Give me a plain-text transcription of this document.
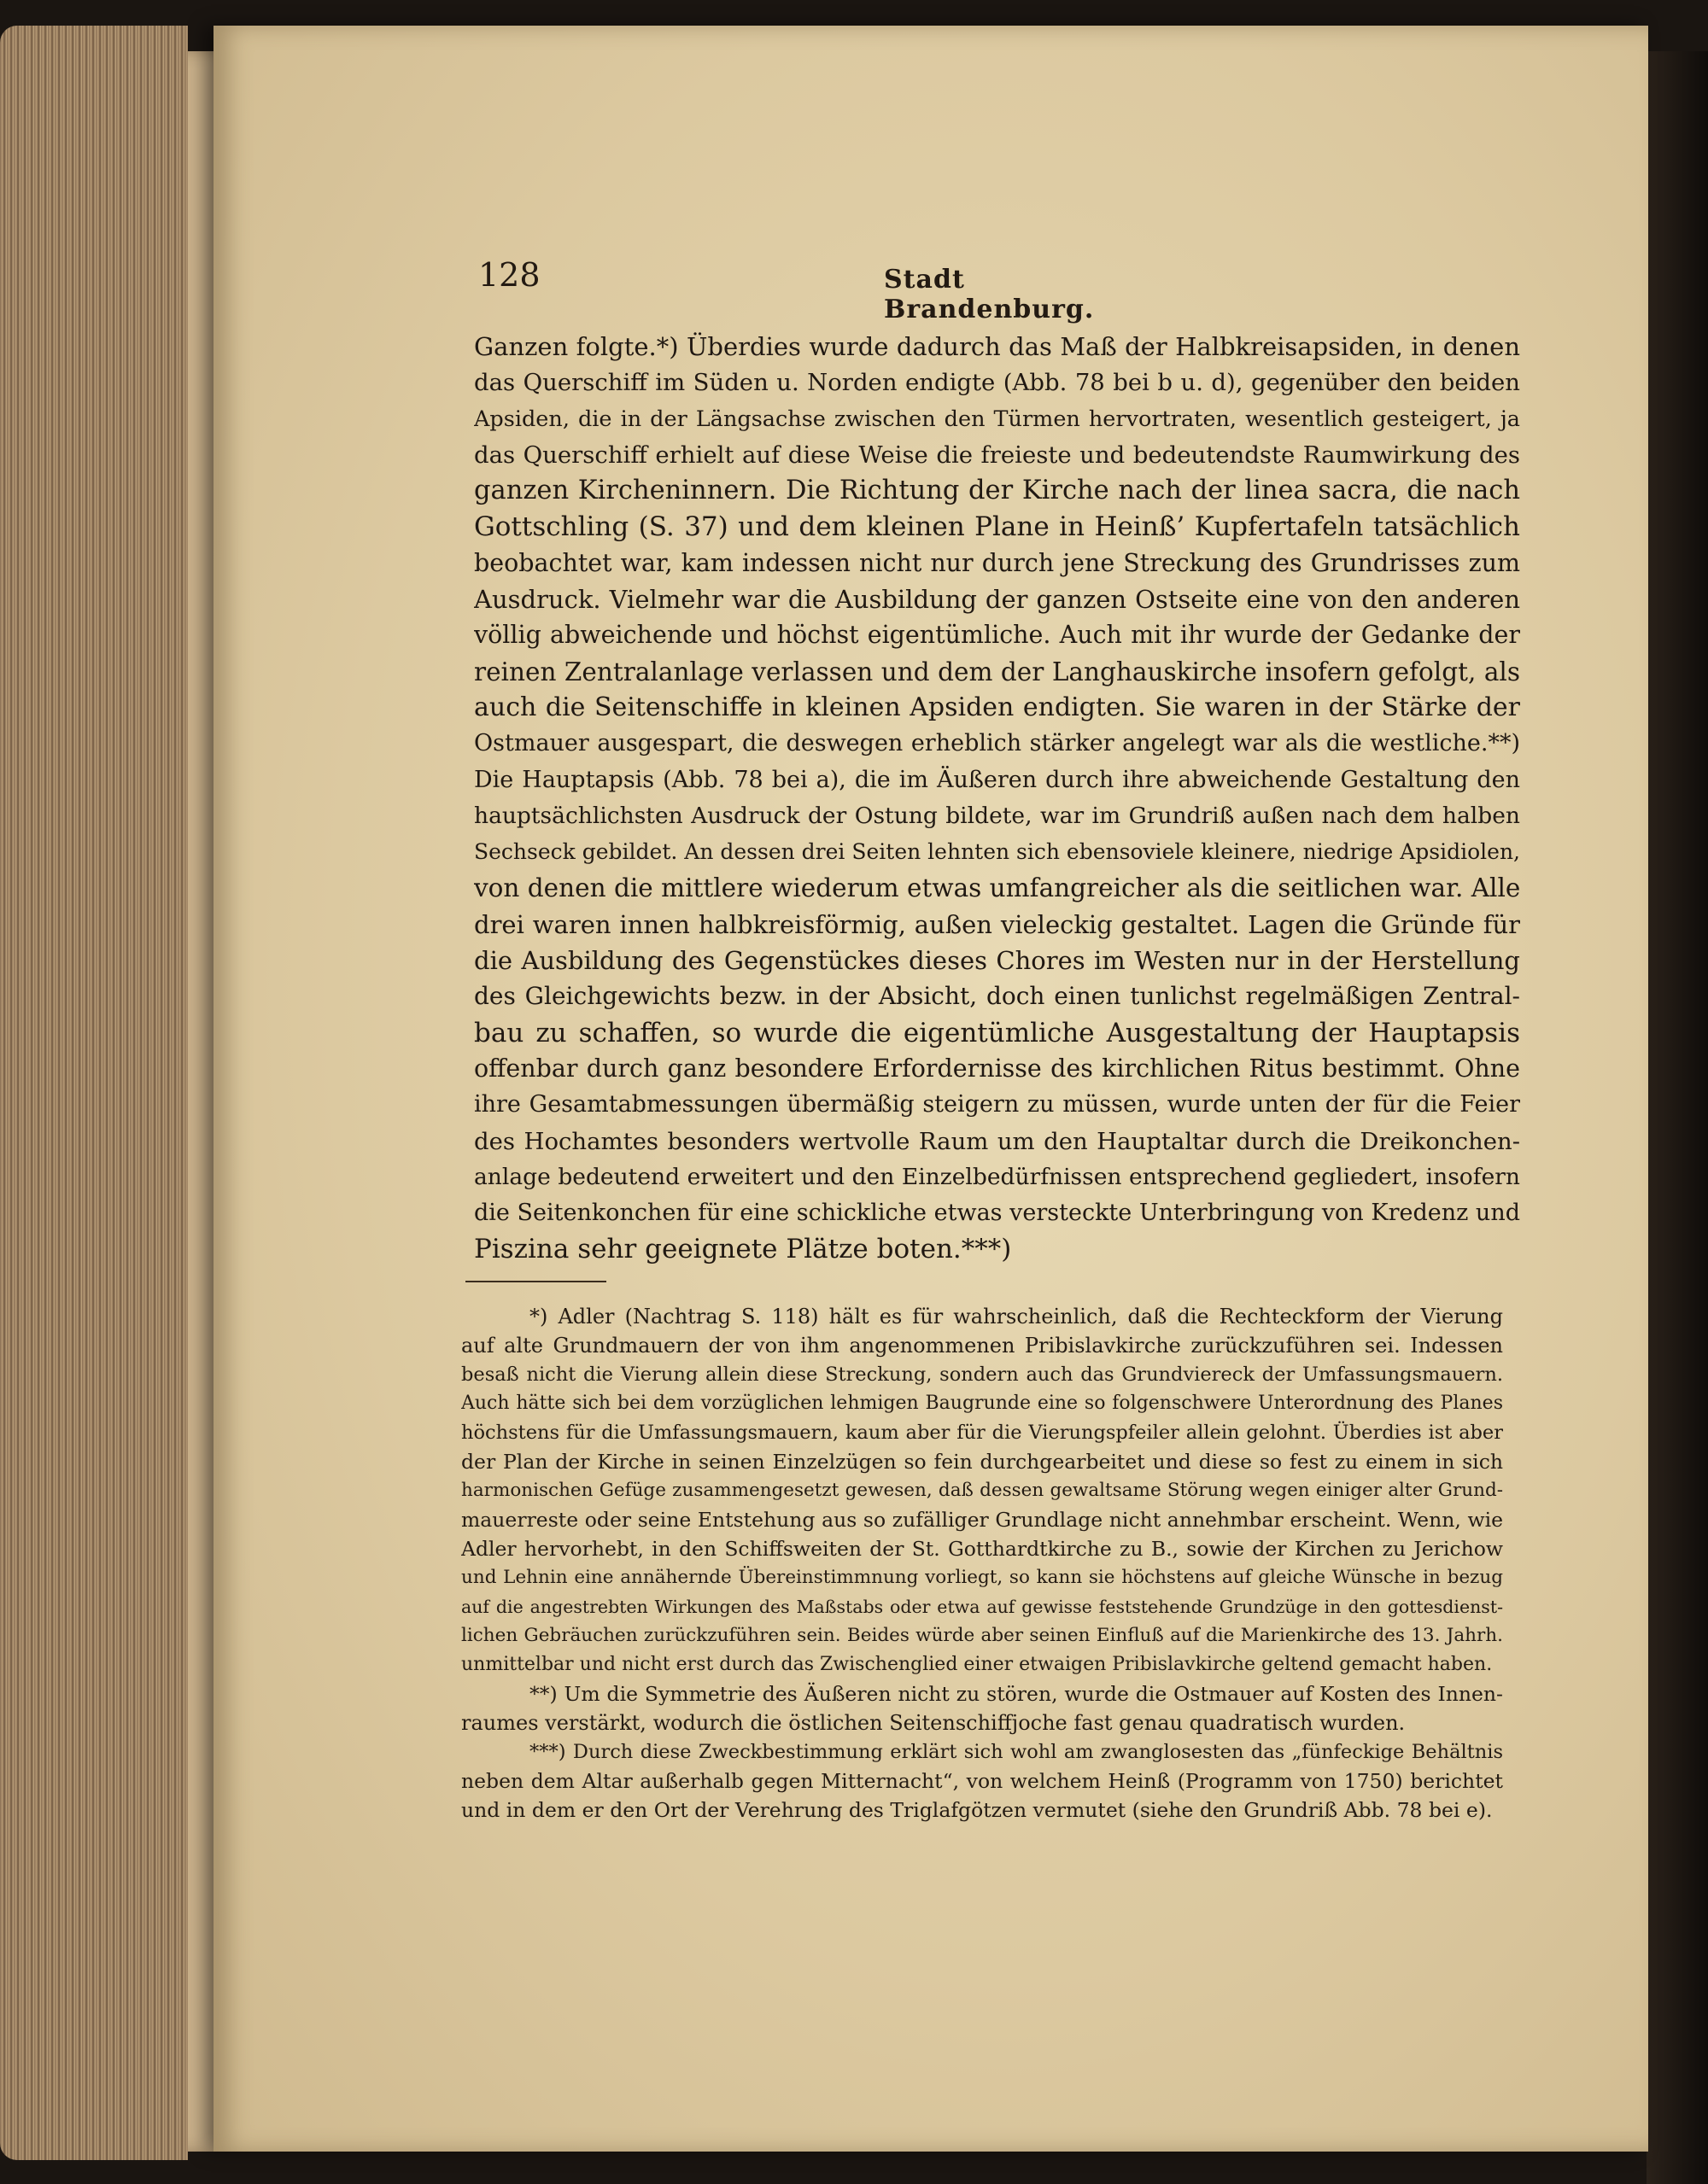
128	Stadt Brandenburg.
Ganzen folgte.*) Überdies wurde dadurch das Maß der Halbkreisapsiden, in denen
das Querschiff im Süden u. Norden endigte (Abb. 78 bei b u. d), gegenüber den beiden
Apsiden, die in der Längsachse zwischen den Türmen hervortraten, wesentlich gesteigert, ja
das Querschiff erhielt auf diese Weise die freieste und bedeutendste Raumwirkung des
ganzen Kircheninnern. Die Richtung der Kirche nach der linea sacra, die nach
Gottschling (S. 37) und dem kleinen Plane in Heinß’ Kupfertafeln tatsächlich
beobachtet war, kam indessen nicht nur durch jene Streckung des Grundrisses zum
Ausdruck. Vielmehr war die Ausbildung der ganzen Ostseite eine von den anderen
völlig abweichende und höchst eigentümliche. Auch mit ihr wurde der Gedanke der
reinen Zentralanlage verlassen und dem der Langhauskirche insofern gefolgt, als
auch die Seitenschiffe in kleinen Apsiden endigten. Sie waren in der Stärke der
Ostmauer ausgespart, die deswegen erheblich stärker angelegt war als die westliche.**)
Die Hauptapsis (Abb. 78 bei a), die im Äußeren durch ihre abweichende Gestaltung den
hauptsächlichsten Ausdruck der Ostung bildete, war im Grundriß außen nach dem halben
Sechseck gebildet. An dessen drei Seiten lehnten sich ebensoviele kleinere, niedrige Apsidiolen,
von denen die mittlere wiederum etwas umfangreicher als die seitlichen war. Alle
drei waren innen halbkreisförmig, außen vieleckig gestaltet. Lagen die Gründe für
die Ausbildung des Gegenstückes dieses Chores im Westen nur in der Herstellung
des Gleichgewichts bezw. in der Absicht, doch einen tunlichst regelmäßigen Zentral-
bau zu schaffen, so wurde die eigentümliche Ausgestaltung der Hauptapsis
offenbar durch ganz besondere Erfordernisse des kirchlichen Ritus bestimmt. Ohne
ihre Gesamtabmessungen übermäßig steigern zu müssen, wurde unten der für die Feier
des Hochamtes besonders wertvolle Raum um den Hauptaltar durch die Dreikonchen-
anlage bedeutend erweitert und den Einzelbedürfnissen entsprechend gegliedert, insofern
die Seitenkonchen für eine schickliche etwas versteckte Unterbringung von Kredenz und
Piszina sehr geeignete Plätze boten.***)
*) Adler (Nachtrag S. 118) hält es für wahrscheinlich, daß die Rechteckform der Vierung
auf alte Grundmauern der von ihm angenommenen Pribislavkirche zurückzuführen sei. Indessen
besaß nicht die Vierung allein diese Streckung, sondern auch das Grundviereck der Umfassungsmauern.
Auch hätte sich bei dem vorzüglichen lehmigen Baugrunde eine so folgenschwere Unterordnung des Planes
höchstens für die Umfassungsmauern, kaum aber für die Vierungspfeiler allein gelohnt. Überdies ist aber
der Plan der Kirche in seinen Einzelzügen so fein durchgearbeitet und diese so fest zu einem in sich
harmonischen Gefüge zusammengesetzt gewesen, daß dessen gewaltsame Störung wegen einiger alter Grund-
mauerreste oder seine Entstehung aus so zufälliger Grundlage nicht annehmbar erscheint. Wenn, wie
Adler hervorhebt, in den Schiffsweiten der St. Gotthardtkirche zu B., sowie der Kirchen zu Jerichow
und Lehnin eine annähernde Übereinstimmnung vorliegt, so kann sie höchstens auf gleiche Wünsche in bezug
auf die angestrebten Wirkungen des Maßstabs oder etwa auf gewisse feststehende Grundzüge in den gottesdienst-
lichen Gebräuchen zurückzuführen sein. Beides würde aber seinen Einfluß auf die Marienkirche des 13. Jahrh.
unmittelbar und nicht erst durch das Zwischenglied einer etwaigen Pribislavkirche geltend gemacht haben.
**) Um die Symmetrie des Äußeren nicht zu stören, wurde die Ostmauer auf Kosten des Innen-
raumes verstärkt, wodurch die östlichen Seitenschiffjoche fast genau quadratisch wurden.
***) Durch diese Zweckbestimmung erklärt sich wohl am zwanglosesten das „fünfeckige Behältnis
neben dem Altar außerhalb gegen Mitternacht“, von welchem Heinß (Programm von 1750) berichtet
und in dem er den Ort der Verehrung des Triglafgötzen vermutet (siehe den Grundriß Abb. 78 bei e).
